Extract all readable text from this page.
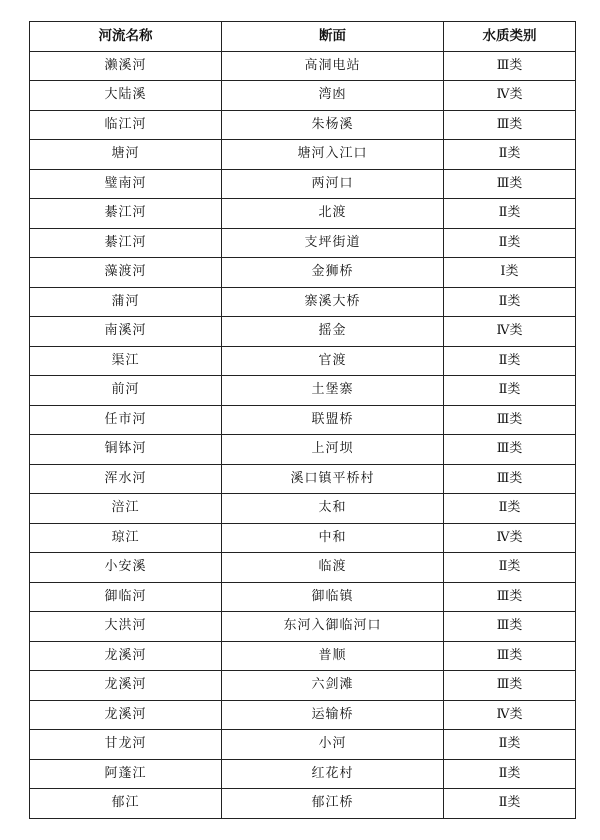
河流名称	断面	水质类别
濑溪河	高洞电站	Ⅲ类
大陆溪	湾凼	Ⅳ类
临江河	朱杨溪	Ⅲ类
塘河	塘河入江口	Ⅱ类
璧南河	两河口	Ⅲ类
綦江河	北渡	Ⅱ类
綦江河	支坪街道	Ⅱ类
藻渡河	金狮桥	Ⅰ类
蒲河	寨溪大桥	Ⅱ类
南溪河	摇金	Ⅳ类
渠江	官渡	Ⅱ类
前河	土堡寨	Ⅱ类
任市河	联盟桥	Ⅲ类
铜钵河	上河坝	Ⅲ类
浑水河	溪口镇平桥村	Ⅲ类
涪江	太和	Ⅱ类
琼江	中和	Ⅳ类
小安溪	临渡	Ⅱ类
御临河	御临镇	Ⅲ类
大洪河	东河入御临河口	Ⅲ类
龙溪河	普顺	Ⅲ类
龙溪河	六剑滩	Ⅲ类
龙溪河	运输桥	Ⅳ类
甘龙河	小河	Ⅱ类
阿蓬江	红花村	Ⅱ类
郁江	郁江桥	Ⅱ类
